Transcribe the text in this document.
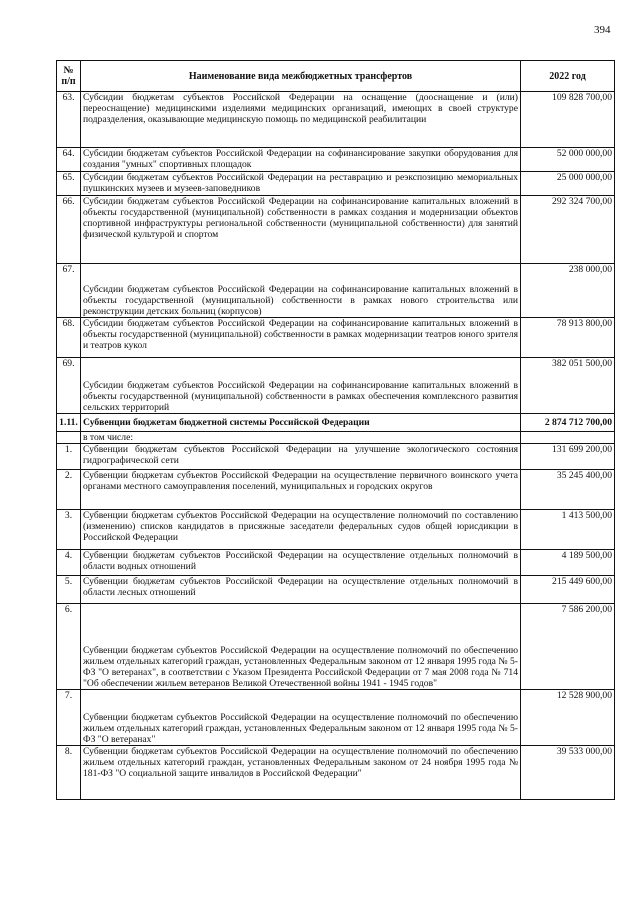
394
№ п/п	Наименование вида межбюджетных трансфертов	2022 год
63.	Субсидии бюджетам субъектов Российской Федерации на оснащение (дооснащение и (или) переоснащение) медицинскими изделиями медицинских организаций, имеющих в своей структуре подразделения, оказывающие медицинскую помощь по медицинской реабилитации	109 828 700,00
64.	Субсидии бюджетам субъектов Российской Федерации на софинансирование закупки оборудования для создания "умных" спортивных площадок	52 000 000,00
65.	Субсидии бюджетам субъектов Российской Федерации на реставрацию и реэкспозицию мемориальных пушкинских музеев и музеев-заповедников	25 000 000,00
66.	Субсидии бюджетам субъектов Российской Федерации на софинансирование капитальных вложений в объекты государственной (муниципальной) собственности в рамках создания и модернизации объектов спортивной инфраструктуры региональной собственности (муниципальной собственности) для занятий физической культурой и спортом	292 324 700,00
67.	Субсидии бюджетам субъектов Российской Федерации на софинансирование капитальных вложений в объекты государственной (муниципальной) собственности в рамках нового строительства или реконструкции детских больниц (корпусов)	238 000,00
68.	Субсидии бюджетам субъектов Российской Федерации на софинансирование капитальных вложений в объекты государственной (муниципальной) собственности в рамках модернизации театров юного зрителя и театров кукол	78 913 800,00
69.	Субсидии бюджетам субъектов Российской Федерации на софинансирование капитальных вложений в объекты государственной (муниципальной) собственности в рамках обеспечения комплексного развития сельских территорий	382 051 500,00
1.11.	Субвенции бюджетам бюджетной системы Российской Федерации	2 874 712 700,00
	в том числе:	
1.	Субвенции бюджетам субъектов Российской Федерации на улучшение экологического состояния гидрографической сети	131 699 200,00
2.	Субвенции бюджетам субъектов Российской Федерации на осуществление первичного воинского учета органами местного самоуправления поселений, муниципальных и городских округов	35 245 400,00
3.	Субвенции бюджетам субъектов Российской Федерации на осуществление полномочий по составлению (изменению) списков кандидатов в присяжные заседатели федеральных судов общей юрисдикции в Российской Федерации	1 413 500,00
4.	Субвенции бюджетам субъектов Российской Федерации на осуществление отдельных полномочий в области водных отношений	4 189 500,00
5.	Субвенции бюджетам субъектов Российской Федерации на осуществление отдельных полномочий в области лесных отношений	215 449 600,00
6.	Субвенции бюджетам субъектов Российской Федерации на осуществление полномочий по обеспечению жильем отдельных категорий граждан, установленных Федеральным законом от 12 января 1995 года № 5-ФЗ "О ветеранах", в соответствии с Указом Президента Российской Федерации от 7 мая 2008 года № 714 "Об обеспечении жильем ветеранов Великой Отечественной войны 1941 - 1945 годов"	7 586 200,00
7.	Субвенции бюджетам субъектов Российской Федерации на осуществление полномочий по обеспечению жильем отдельных категорий граждан, установленных Федеральным законом от 12 января 1995 года № 5-ФЗ "О ветеранах"	12 528 900,00
8.	Субвенции бюджетам субъектов Российской Федерации на осуществление полномочий по обеспечению жильем отдельных категорий граждан, установленных Федеральным законом от 24 ноября 1995 года № 181-ФЗ "О социальной защите инвалидов в Российской Федерации"	39 533 000,00
